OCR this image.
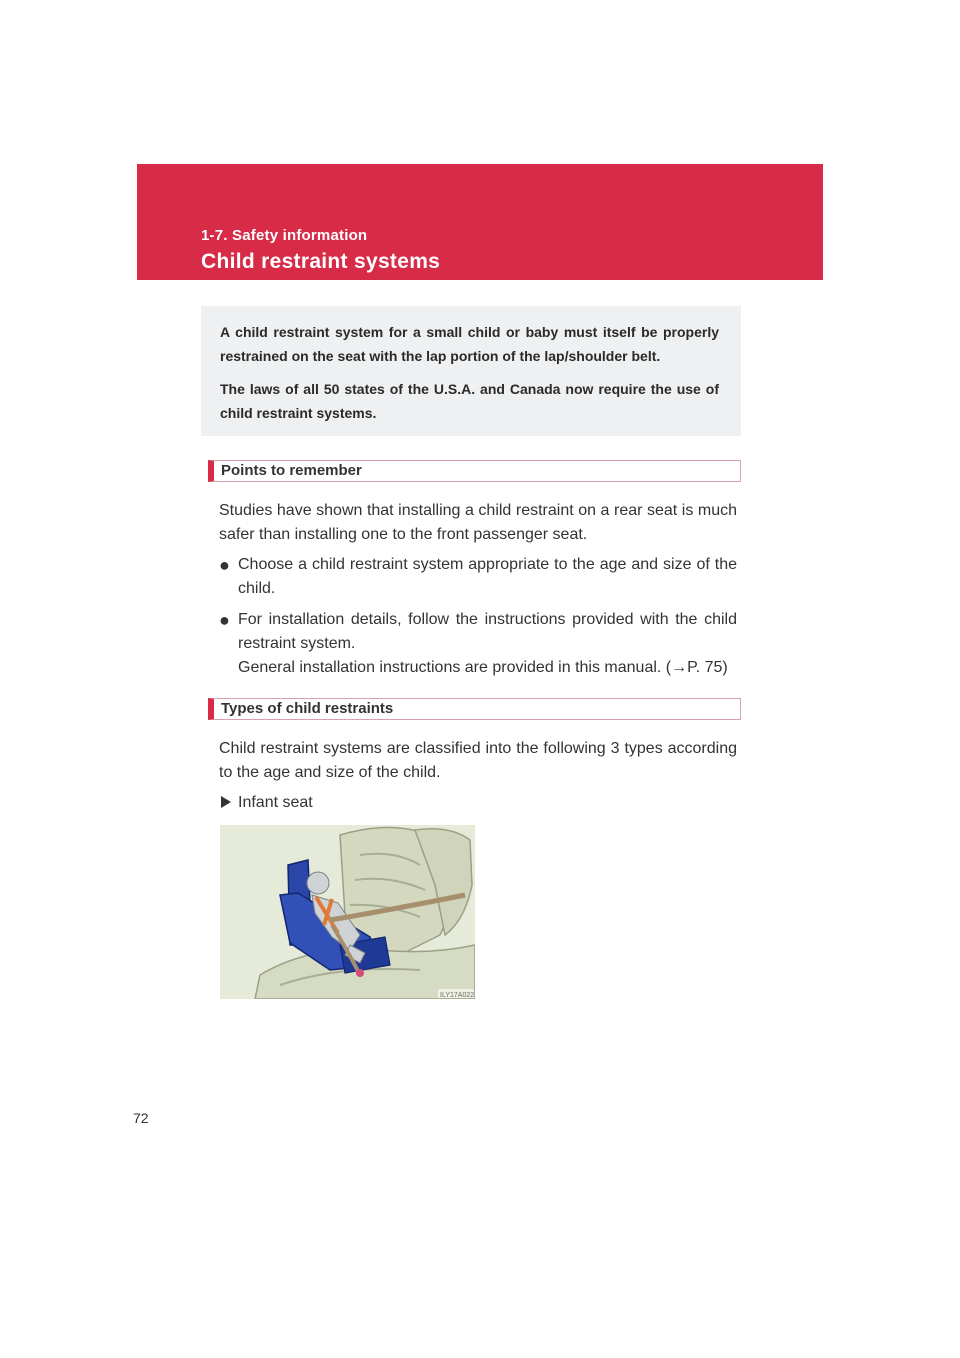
1-7. Safety information
Child restraint systems

A child restraint system for a small child or baby must itself be properly restrained on the seat with the lap portion of the lap/shoulder belt.

The laws of all 50 states of the U.S.A. and Canada now require the use of child restraint systems.

Points to remember

Studies have shown that installing a child restraint on a rear seat is much safer than installing one to the front passenger seat.

● Choose a child restraint system appropriate to the age and size of the child.
● For installation details, follow the instructions provided with the child restraint system.
General installation instructions are provided in this manual. (→P. 75)
Types of child restraints

Child restraint systems are classified into the following 3 types according to the age and size of the child.

Infant seat
ILY17A022
72
